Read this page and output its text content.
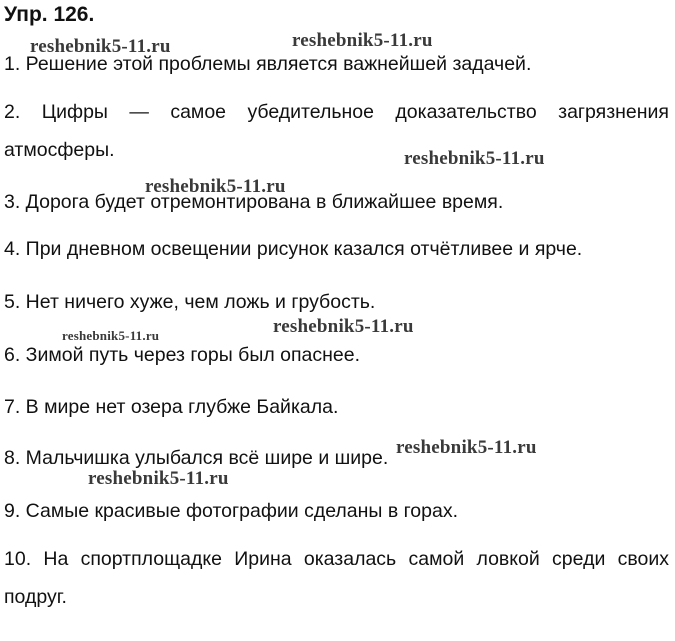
Упр. 126.
1. Решение этой проблемы является важнейшей задачей.
2. Цифры — самое убедительное доказательство загрязнения атмосферы.
3. Дорога будет отремонтирована в ближайшее время.
4. При дневном освещении рисунок казался отчётливее и ярче.
5. Нет ничего хуже, чем ложь и грубость.
6. Зимой путь через горы был опаснее.
7. В мире нет озера глубже Байкала.
8. Мальчишка улыбался всё шире и шире.
9. Самые красивые фотографии сделаны в горах.
10. На спортплощадке Ирина оказалась самой ловкой среди своих подруг.
reshebnik5-11.ru	reshebnik5-11.ru
reshebnik5-11.ru
reshebnik5-11.ru
reshebnik5-11.ru	reshebnik5-11.ru
reshebnik5-11.ru
reshebnik5-11.ru
